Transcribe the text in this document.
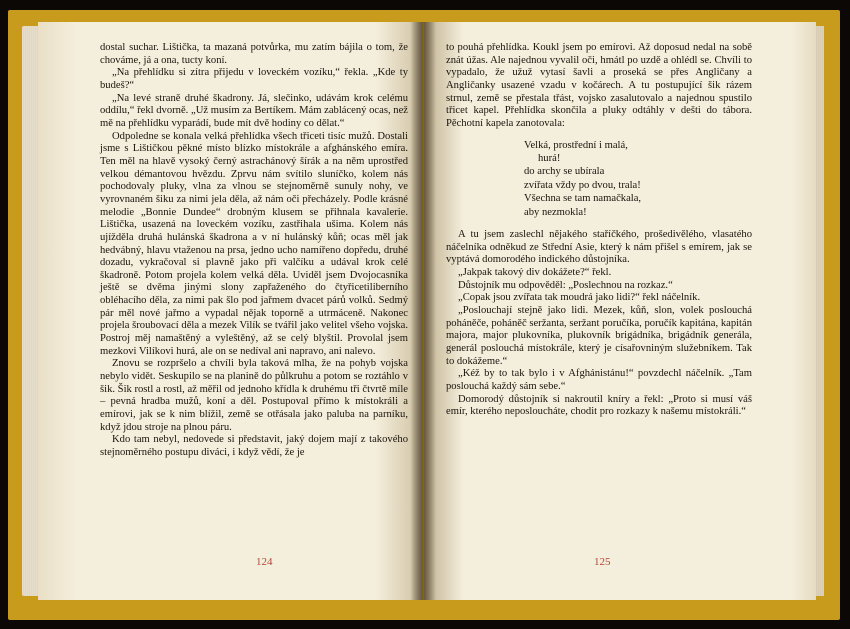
dostal suchar. Lištička, ta mazaná potvůrka, mu zatím bájila o tom, že chováme, já a ona, tucty koní.

„Na přehlídku si zítra přijedu v loveckém vozíku,“ řekla. „Kde ty budeš?“

„Na levé straně druhé škadrony. Já, slečinko, udávám krok celému oddílu,“ řekl dvorně. „Už musím za Bertíkem. Mám zablácený ocas, než mě na přehlídku vyparádí, bude mít dvě hodiny co dělat.“

Odpoledne se konala velká přehlídka všech třiceti tisíc mužů. Dostali jsme s Lištičkou pěkné místo blízko místokrále a afghánského emíra. Ten měl na hlavě vysoký černý astrachánový šírák a na něm uprostřed velkou démantovou hvězdu. Zprvu nám svítilo sluníčko, kolem nás pochodovaly pluky, vlna za vlnou se stejnoměrně sunuly nohy, ve vyrovnaném šiku za nimi jela děla, až nám oči přecházely. Podle krásné melodie „Bonnie Dundee“ drobným klusem se přihnala kavalerie. Lištička, usazená na loveckém vozíku, zastřihala ušima. Kolem nás ujížděla druhá hulánská škadrona a v ní hulánský kůň; ocas měl jak hedvábný, hlavu vtaženou na prsa, jedno ucho namířeno dopředu, druhé dozadu, vykračoval si plavně jako při valčíku a udával krok celé škadroně. Potom projela kolem velká děla. Uviděl jsem Dvojocasníka ještě se dvěma jinými slony zapřaženého do čtyřicetiliberního obléhacího děla, za nimi pak šlo pod jařmem dvacet párů volků. Sedmý pár měl nové jařmo a vypadal nějak toporně a utrmáceně. Nakonec projela šroubovací děla a mezek Vilík se tvářil jako velitel všeho vojska. Postroj měj namaštěný a vyleštěný, až se celý blyštil. Provolal jsem mezkovi Vilíkovi hurá, ale on se nedíval ani napravo, ani nalevo.

Znovu se rozpršelo a chvíli byla taková mlha, že na pohyb vojska nebylo vidět. Seskupilo se na planině do půlkruhu a potom se roztáhlo v šik. Šik rostl a rostl, až měřil od jednoho křídla k druhému tři čtvrtě míle – pevná hradba mužů, koní a děl. Postupoval přímo k místokráli a emírovi, jak se k nim blížil, země se otřásala jako paluba na parníku, když jdou stroje na plnou páru.

Kdo tam nebyl, nedovede si představit, jaký dojem mají z takového stejnoměrného postupu diváci, i když vědí, že je

124

to pouhá přehlídka. Koukl jsem po emírovi. Až doposud nedal na sobě znát úžas. Ale najednou vyvalil oči, hmátl po uzdě a ohlédl se. Chvíli to vypadalo, že užuž vytasí šavli a proseká se přes Angličany a Angličanky usazené vzadu v kočárech. A tu postupující šik rázem strnul, země se přestala třást, vojsko zasalutovalo a najednou spustilo třicet kapel. Přehlídka skončila a pluky odtáhly v dešti do tábora. Pěchotní kapela zanotovala:

Velká, prostřední i malá,
hurá!
do archy se ubírala
zvířata vždy po dvou, trala!
Všechna se tam namačkala,
aby nezmokla!

A tu jsem zaslechl nějakého staříčkého, prošedivělého, vlasatého náčelníka odněkud ze Střední Asie, který k nám přišel s emírem, jak se vyptává domorodého indického důstojníka.

„Jakpak takový div dokážete?“ řekl.

Důstojník mu odpověděl: „Poslechnou na rozkaz.“

„Copak jsou zvířata tak moudrá jako lidi?“ řekl náčelník.

„Poslouchají stejně jako lidi. Mezek, kůň, slon, volek poslouchá poháněče, poháněč seržanta, seržant poručíka, poručík kapitána, kapitán majora, major plukovníka, plukovník brigádníka, brigádník generála, generál poslouchá místokrále, který je císařovniným služebníkem. Tak to dokážeme.“

„Kéž by to tak bylo i v Afghánistánu!“ povzdechl náčelník. „Tam poslouchá každý sám sebe.“

Domorodý důstojník si nakroutil kníry a řekl: „Proto si musí váš emír, kterého neposloucháte, chodit pro rozkazy k našemu místokráli.“

125
